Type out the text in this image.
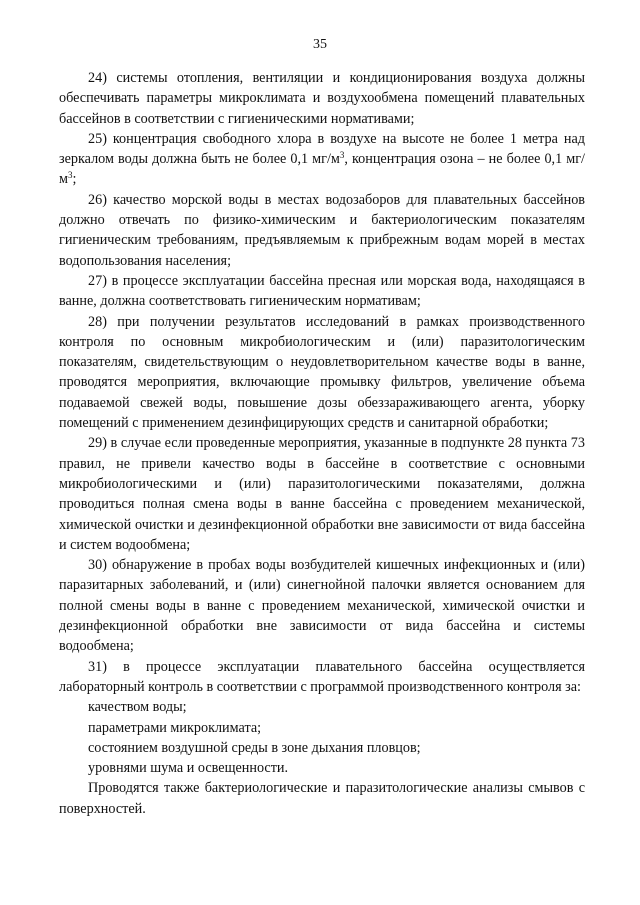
35

24) системы отопления, вентиляции и кондиционирования воздуха должны обеспечивать параметры микроклимата и воздухообмена помещений плавательных бассейнов в соответствии с гигиеническими нормативами;

25) концентрация свободного хлора в воздухе на высоте не более 1 метра над зеркалом воды должна быть не более 0,1 $мг/м^3$, концентрация озона – не более 0,1 $мг/м^3$;

26) качество морской воды в местах водозаборов для плавательных бассейнов должно отвечать по физико-химическим и бактериологическим показателям гигиеническим требованиям, предъявляемым к прибрежным водам морей в местах водопользования населения;

27) в процессе эксплуатации бассейна пресная или морская вода, находящаяся в ванне, должна соответствовать гигиеническим нормативам;

28) при получении результатов исследований в рамках производственного контроля по основным микробиологическим и (или) паразитологическим показателям, свидетельствующим о неудовлетворительном качестве воды в ванне, проводятся мероприятия, включающие промывку фильтров, увеличение объема подаваемой свежей воды, повышение дозы обеззараживающего агента, уборку помещений с применением дезинфицирующих средств и санитарной обработки;

29) в случае если проведенные мероприятия, указанные в подпункте 28 пункта 73 правил, не привели качество воды в бассейне в соответствие с основными микробиологическими и (или) паразитологическими показателями, должна проводиться полная смена воды в ванне бассейна с проведением механической, химической очистки и дезинфекционной обработки вне зависимости от вида бассейна и систем водообмена;

30) обнаружение в пробах воды возбудителей кишечных инфекционных и (или) паразитарных заболеваний, и (или) синегнойной палочки является основанием для полной смены воды в ванне с проведением механической, химической очистки и дезинфекционной обработки вне зависимости от вида бассейна и системы водообмена;

31) в процессе эксплуатации плавательного бассейна осуществляется лабораторный контроль в соответствии с программой производственного контроля за:

качеством воды;

параметрами микроклимата;

состоянием воздушной среды в зоне дыхания пловцов;

уровнями шума и освещенности.

Проводятся также бактериологические и паразитологические анализы смывов с поверхностей.
